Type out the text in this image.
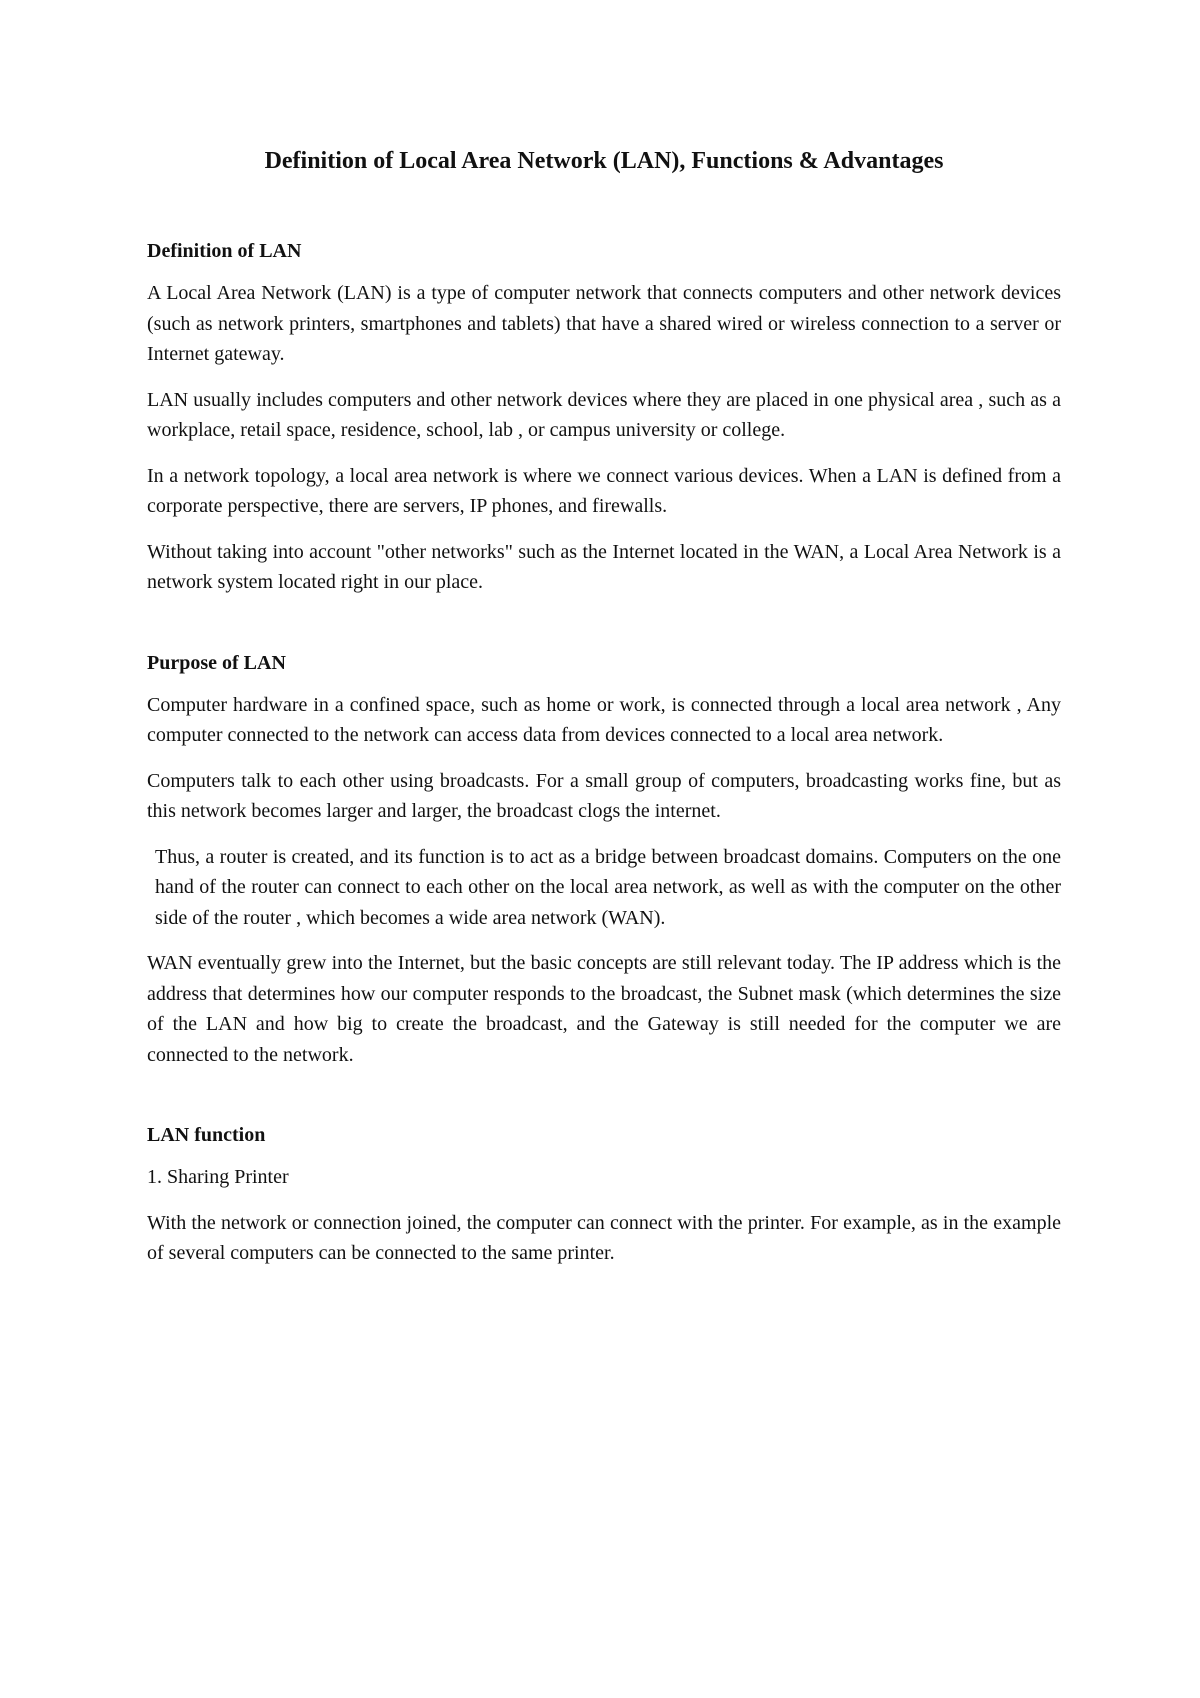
Definition of Local Area Network (LAN), Functions & Advantages
Definition of LAN

A Local Area Network (LAN) is a type of computer network that connects computers and other network devices (such as network printers, smartphones and tablets) that have a shared wired or wireless connection to a server or Internet gateway.

LAN usually includes computers and other network devices where they are placed in one physical area , such as a workplace, retail space, residence, school, lab , or campus university or college.

In a network topology, a local area network is where we connect various devices. When a LAN is defined from a corporate perspective, there are servers, IP phones, and firewalls.

Without taking into account "other networks" such as the Internet located in the WAN, a Local Area Network is a network system located right in our place.

Purpose of LAN

Computer hardware in a confined space, such as home or work, is connected through a local area network , Any computer connected to the network can access data from devices connected to a local area network.

Computers talk to each other using broadcasts. For a small group of computers, broadcasting works fine, but as this network becomes larger and larger, the broadcast clogs the internet.

Thus, a router is created, and its function is to act as a bridge between broadcast domains. Computers on the one hand of the router can connect to each other on the local area network, as well as with the computer on the other side of the router , which becomes a wide area network (WAN).

WAN eventually grew into the Internet, but the basic concepts are still relevant today. The IP address which is the address that determines how our computer responds to the broadcast, the Subnet mask (which determines the size of the LAN and how big to create the broadcast, and the Gateway is still needed for the computer we are connected to the network.

LAN function

1. Sharing Printer

With the network or connection joined, the computer can connect with the printer. For example, as in the example of several computers can be connected to the same printer.
